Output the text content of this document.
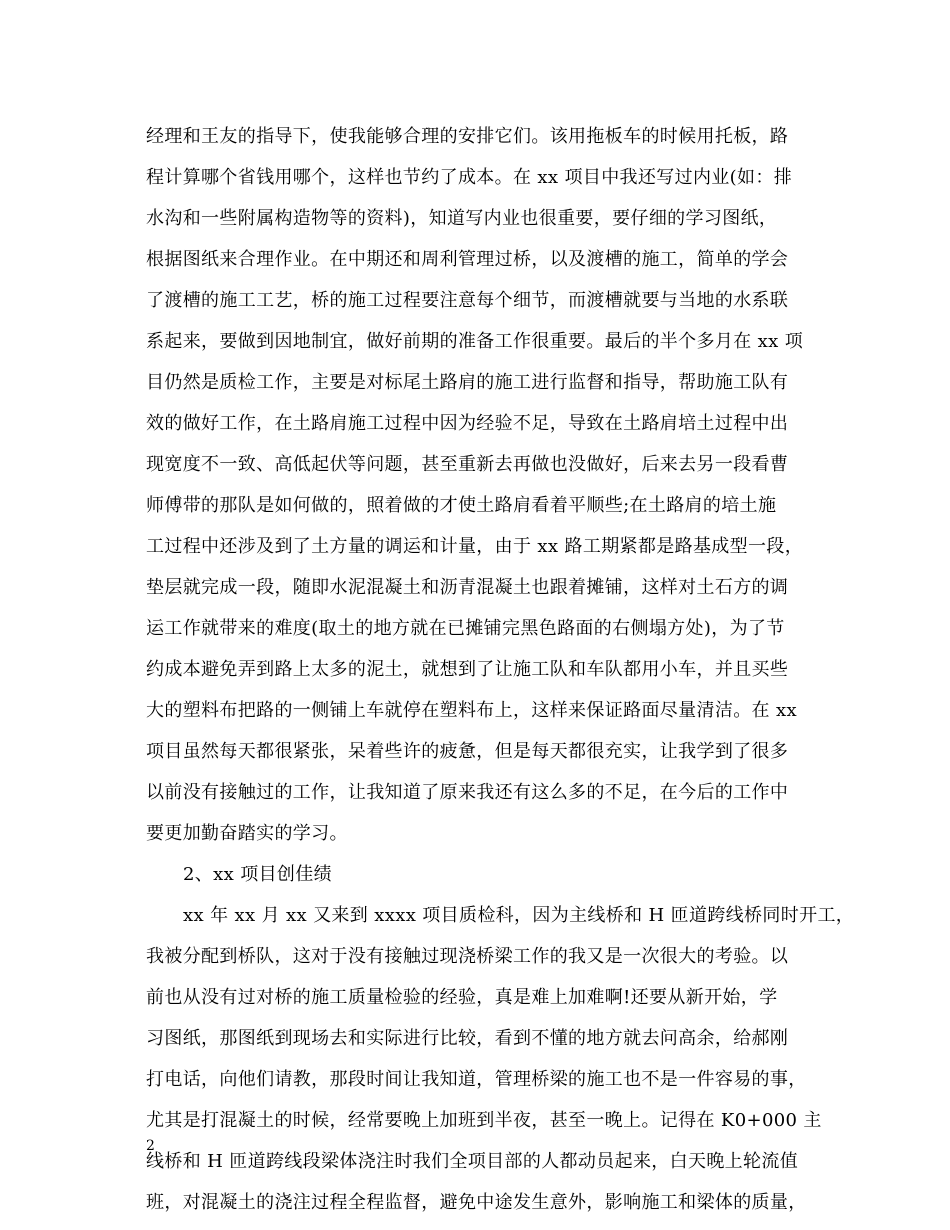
经理和王友的指导下，使我能够合理的安排它们。该用拖板车的时候用托板，路
程计算哪个省钱用哪个，这样也节约了成本。在 xx 项目中我还写过内业(如：排
水沟和一些附属构造物等的资料)，知道写内业也很重要，要仔细的学习图纸，
根据图纸来合理作业。在中期还和周利管理过桥，以及渡槽的施工，简单的学会
了渡槽的施工工艺，桥的施工过程要注意每个细节，而渡槽就要与当地的水系联
系起来，要做到因地制宜，做好前期的准备工作很重要。最后的半个多月在 xx 项
目仍然是质检工作，主要是对标尾土路肩的施工进行监督和指导，帮助施工队有
效的做好工作，在土路肩施工过程中因为经验不足，导致在土路肩培土过程中出
现宽度不一致、高低起伏等问题，甚至重新去再做也没做好，后来去另一段看曹
师傅带的那队是如何做的，照着做的才使土路肩看着平顺些;在土路肩的培土施
工过程中还涉及到了土方量的调运和计量，由于 xx 路工期紧都是路基成型一段，
垫层就完成一段，随即水泥混凝土和沥青混凝土也跟着摊铺，这样对土石方的调
运工作就带来的难度(取土的地方就在已摊铺完黑色路面的右侧塌方处)，为了节
约成本避免弄到路上太多的泥土，就想到了让施工队和车队都用小车，并且买些
大的塑料布把路的一侧铺上车就停在塑料布上，这样来保证路面尽量清洁。在 xx
项目虽然每天都很紧张，呆着些许的疲惫，但是每天都很充实，让我学到了很多
以前没有接触过的工作，让我知道了原来我还有这么多的不足，在今后的工作中
要更加勤奋踏实的学习。
2、xx 项目创佳绩
xx 年 xx 月 xx 又来到 xxxx 项目质检科，因为主线桥和 H 匝道跨线桥同时开工，
我被分配到桥队，这对于没有接触过现浇桥梁工作的我又是一次很大的考验。以
前也从没有过对桥的施工质量检验的经验，真是难上加难啊!还要从新开始，学
习图纸，那图纸到现场去和实际进行比较，看到不懂的地方就去问高余，给郝刚
打电话，向他们请教，那段时间让我知道，管理桥梁的施工也不是一件容易的事，
尤其是打混凝土的时候，经常要晚上加班到半夜，甚至一晚上。记得在 K0+000 主
线桥和 H 匝道跨线段梁体浇注时我们全项目部的人都动员起来，白天晚上轮流值
班，对混凝土的浇注过程全程监督，避免中途发生意外，影响施工和梁体的质量，
2
